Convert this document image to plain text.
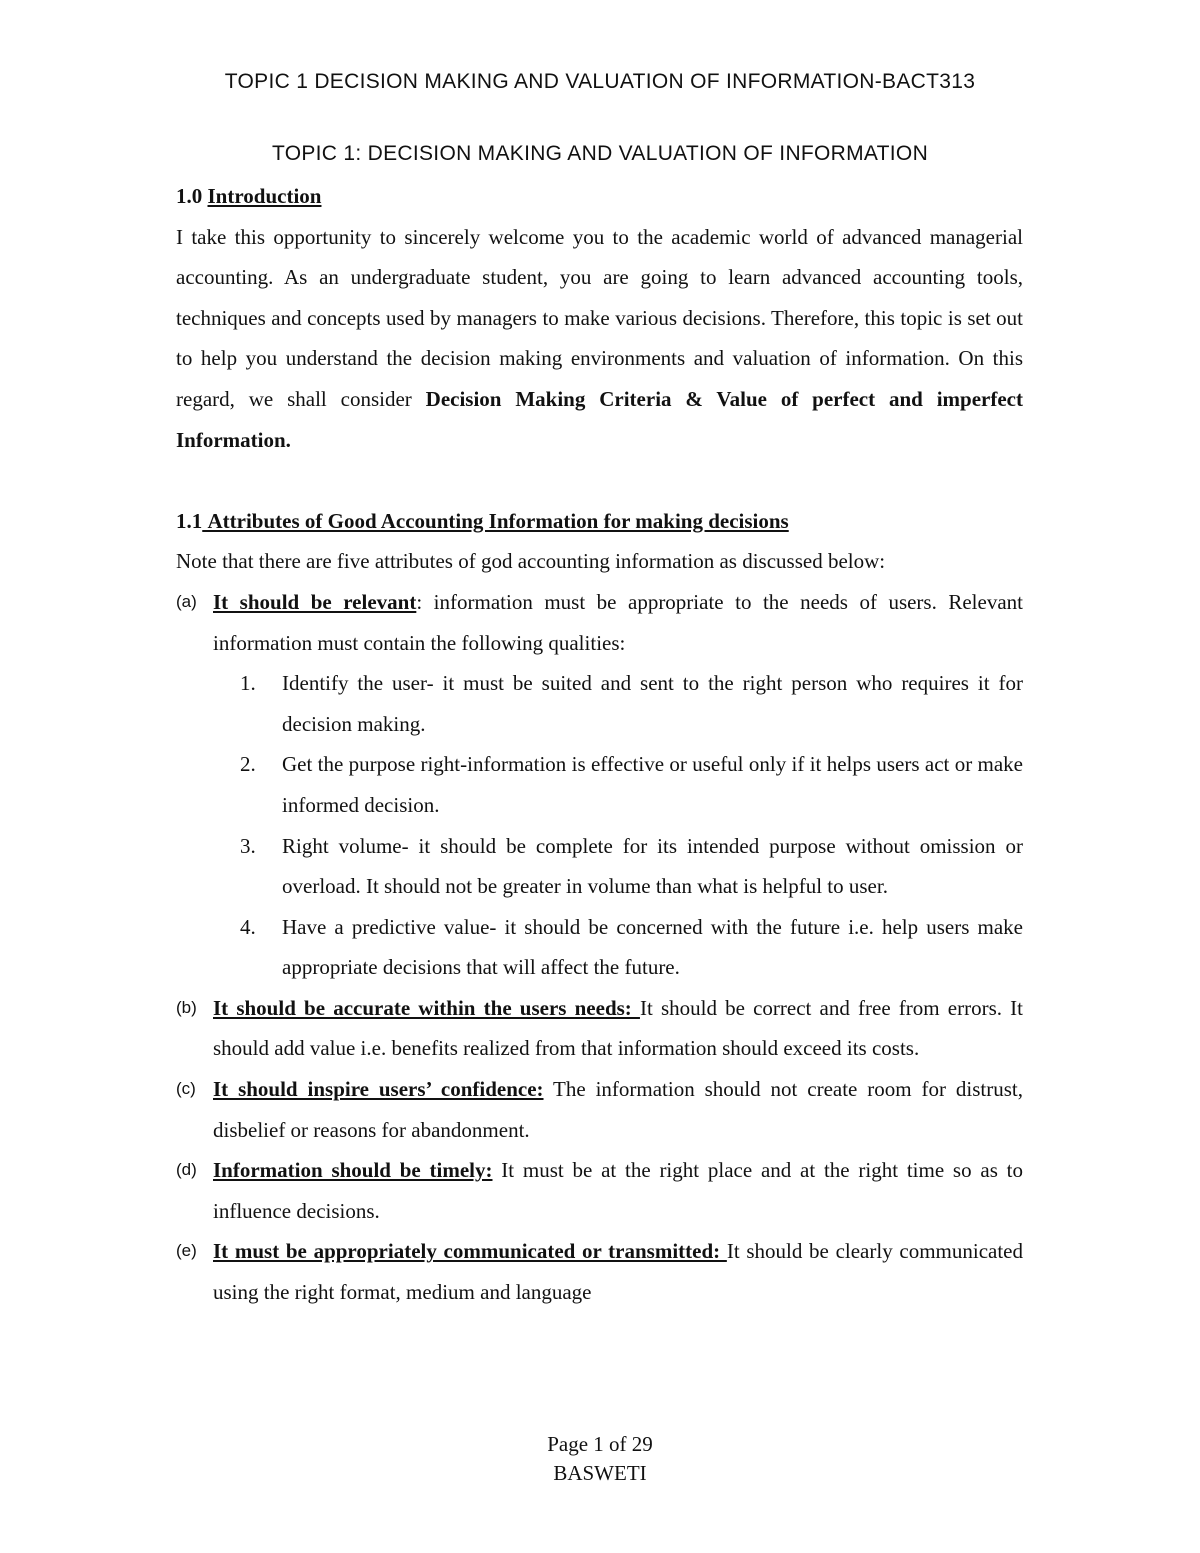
TOPIC 1 DECISION MAKING AND VALUATION OF INFORMATION-BACT313
TOPIC 1: DECISION MAKING AND VALUATION OF INFORMATION
1.0 Introduction
I take this opportunity to sincerely welcome you to the academic world of advanced managerial accounting. As an undergraduate student, you are going to learn advanced accounting tools, techniques and concepts used by managers to make various decisions. Therefore, this topic is set out to help you understand the decision making environments and valuation of information. On this regard, we shall consider Decision Making Criteria & Value of perfect and imperfect Information.
1.1 Attributes of Good Accounting Information for making decisions
Note that there are five attributes of god accounting information as discussed below:
(a) It should be relevant: information must be appropriate to the needs of users. Relevant information must contain the following qualities:
1.	Identify the user- it must be suited and sent to the right person who requires it for decision making.
2.	Get the purpose right-information is effective or useful only if it helps users act or make informed decision.
3.	Right volume- it should be complete for its intended purpose without omission or overload. It should not be greater in volume than what is helpful to user.
4.	Have a predictive value- it should be concerned with the future i.e. help users make appropriate decisions that will affect the future.
(b) It should be accurate within the users needs: It should be correct and free from errors. It should add value i.e. benefits realized from that information should exceed its costs.
(c) It should inspire users’ confidence: The information should not create room for distrust, disbelief or reasons for abandonment.
(d) Information should be timely: It must be at the right place and at the right time so as to influence decisions.
(e) It must be appropriately communicated or transmitted: It should be clearly communicated using the right format, medium and language
Page 1 of 29
BASWETI
